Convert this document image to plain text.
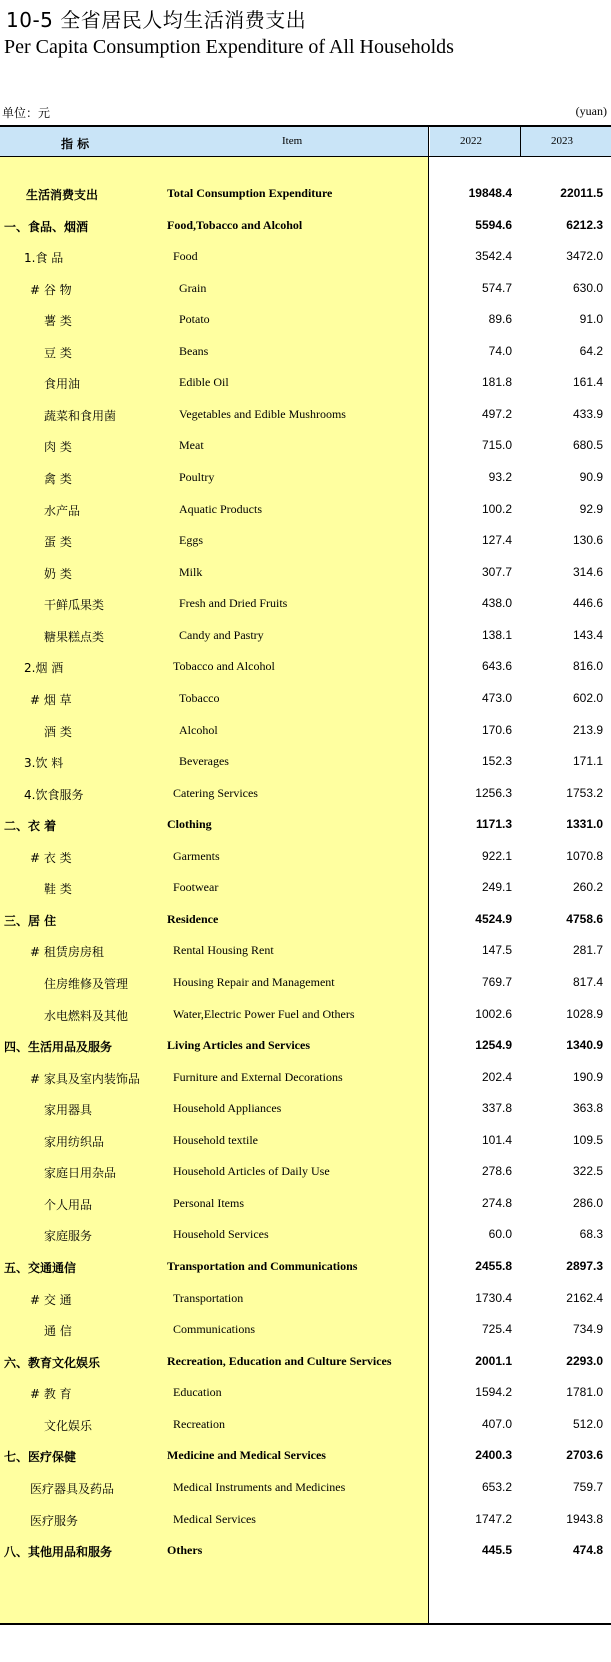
10-5 全省居民人均生活消费支出
Per Capita Consumption Expenditure of All Households
单位：元	(yuan)
指 标	Item	2022	2023
生活消费支出	Total Consumption Expenditure	19848.4	22011.5
一、食品、烟酒	Food,Tobacco and Alcohol	5594.6	6212.3
1.食 品	Food	3542.4	3472.0
# 谷 物	Grain	574.7	630.0
薯 类	Potato	89.6	91.0
豆 类	Beans	74.0	64.2
食用油	Edible Oil	181.8	161.4
蔬菜和食用菌	Vegetables and Edible Mushrooms	497.2	433.9
肉 类	Meat	715.0	680.5
禽 类	Poultry	93.2	90.9
水产品	Aquatic Products	100.2	92.9
蛋 类	Eggs	127.4	130.6
奶 类	Milk	307.7	314.6
干鲜瓜果类	Fresh and Dried Fruits	438.0	446.6
糖果糕点类	Candy and Pastry	138.1	143.4
2.烟 酒	Tobacco and Alcohol	643.6	816.0
# 烟 草	Tobacco	473.0	602.0
酒 类	Alcohol	170.6	213.9
3.饮 料	Beverages	152.3	171.1
4.饮食服务	Catering Services	1256.3	1753.2
二、衣 着	Clothing	1171.3	1331.0
# 衣 类	Garments	922.1	1070.8
鞋 类	Footwear	249.1	260.2
三、居 住	Residence	4524.9	4758.6
# 租赁房房租	Rental Housing Rent	147.5	281.7
住房维修及管理	Housing Repair and Management	769.7	817.4
水电燃料及其他	Water,Electric Power Fuel and Others	1002.6	1028.9
四、生活用品及服务	Living Articles and Services	1254.9	1340.9
# 家具及室内装饰品	Furniture and External Decorations	202.4	190.9
家用器具	Household Appliances	337.8	363.8
家用纺织品	Household textile	101.4	109.5
家庭日用杂品	Household Articles of Daily Use	278.6	322.5
个人用品	Personal Items	274.8	286.0
家庭服务	Household Services	60.0	68.3
五、交通通信	Transportation and Communications	2455.8	2897.3
# 交 通	Transportation	1730.4	2162.4
通 信	Communications	725.4	734.9
六、教育文化娱乐	Recreation, Education and Culture Services	2001.1	2293.0
# 教 育	Education	1594.2	1781.0
文化娱乐	Recreation	407.0	512.0
七、医疗保健	Medicine and Medical Services	2400.3	2703.6
医疗器具及药品	Medical Instruments and Medicines	653.2	759.7
医疗服务	Medical Services	1747.2	1943.8
八、其他用品和服务	Others	445.5	474.8
